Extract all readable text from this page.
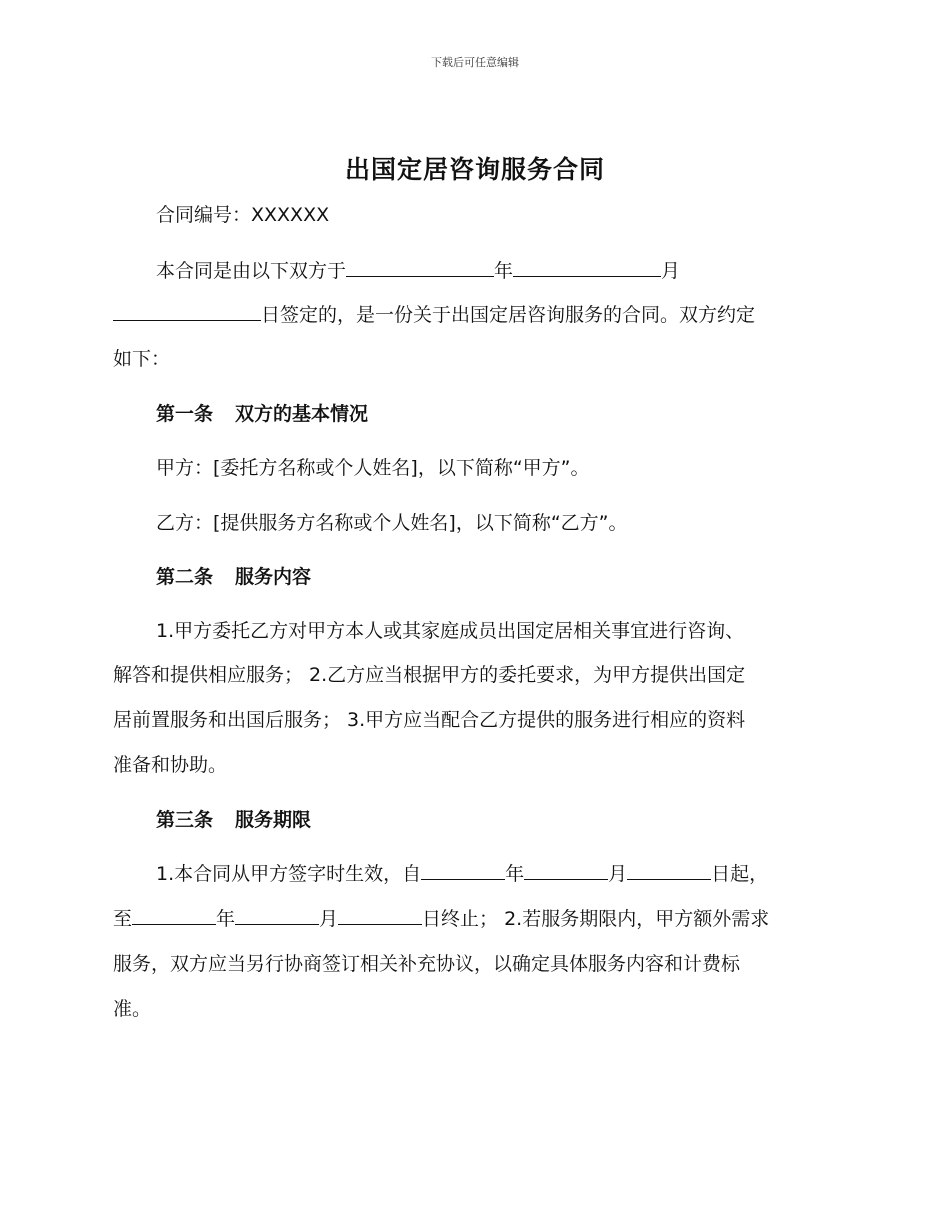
下载后可任意编辑
出国定居咨询服务合同
合同编号：XXXXXX
本合同是由以下双方于	年	月
日签定的，是一份关于出国定居咨询服务的合同。双方约定
如下：
第一条 双方的基本情况
甲方：[委托方名称或个人姓名]，以下简称“甲方”。
乙方：[提供服务方名称或个人姓名]，以下简称“乙方”。
第二条 服务内容
1.甲方委托乙方对甲方本人或其家庭成员出国定居相关事宜进行咨询、
解答和提供相应服务； 2.乙方应当根据甲方的委托要求，为甲方提供出国定
居前置服务和出国后服务； 3.甲方应当配合乙方提供的服务进行相应的资料
准备和协助。
第三条 服务期限
1.本合同从甲方签字时生效，自	年	月	日起，
至	年	月	日终止； 2.若服务期限内，甲方额外需求
服务，双方应当另行协商签订相关补充协议，以确定具体服务内容和计费标
准。
